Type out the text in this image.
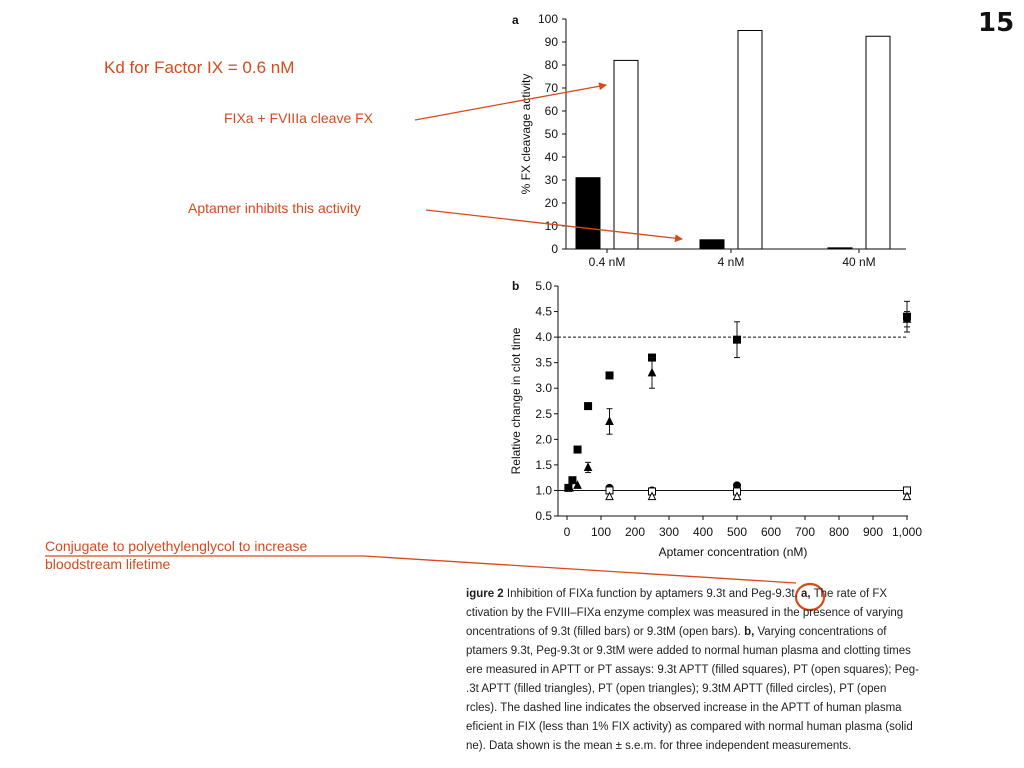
15
Kd for Factor IX = 0.6 nM
FIXa + FVIIIa cleave FX
Aptamer inhibits this activity
Conjugate to polyethylenglycol to increase
bloodstream lifetime
a
0
10
20
30
40
50
60
70
80
90
100
0.4 nM	4 nM	40 nM
% FX cleavage activity
b
0.5
1.0
1.5
2.0
2.5
3.0
3.5
4.0
4.5
5.0
0 100 200 300 400 500 600 700 800 900 1,000
Aptamer concentration (nM)
Relative change in clot time
igure 2 Inhibition of FIXa function by aptamers 9.3t and Peg-9.3t. a, The rate of FX
ctivation by the FVIII–FIXa enzyme complex was measured in the presence of varying
oncentrations of 9.3t (filled bars) or 9.3tM (open bars). b, Varying concentrations of
ptamers 9.3t, Peg-9.3t or 9.3tM were added to normal human plasma and clotting times
ere measured in APTT or PT assays: 9.3t APTT (filled squares), PT (open squares); Peg-
.3t APTT (filled triangles), PT (open triangles); 9.3tM APTT (filled circles), PT (open
rcles). The dashed line indicates the observed increase in the APTT of human plasma
eficient in FIX (less than 1% FIX activity) as compared with normal human plasma (solid
ne). Data shown is the mean ± s.e.m. for three independent measurements.
